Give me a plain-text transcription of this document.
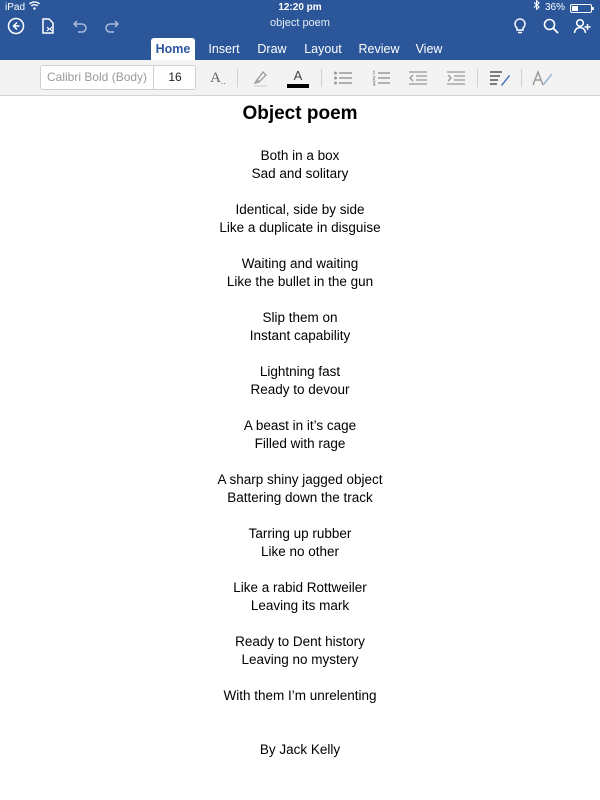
iPad	12:20 pm	36%
object poem
Home	Insert	Draw	Layout	Review	View
Calibri Bold (Body)	16	A ..	A
Object poem
Both in a box
Sad and solitary
Identical, side by side
Like a duplicate in disguise
Waiting and waiting
Like the bullet in the gun
Slip them on
Instant capability
Lightning fast
Ready to devour
A beast in it’s cage
Filled with rage
A sharp shiny jagged object
Battering down the track
Tarring up rubber
Like no other
Like a rabid Rottweiler
Leaving its mark
Ready to Dent history
Leaving no mystery
With them I’m unrelenting
By Jack Kelly
